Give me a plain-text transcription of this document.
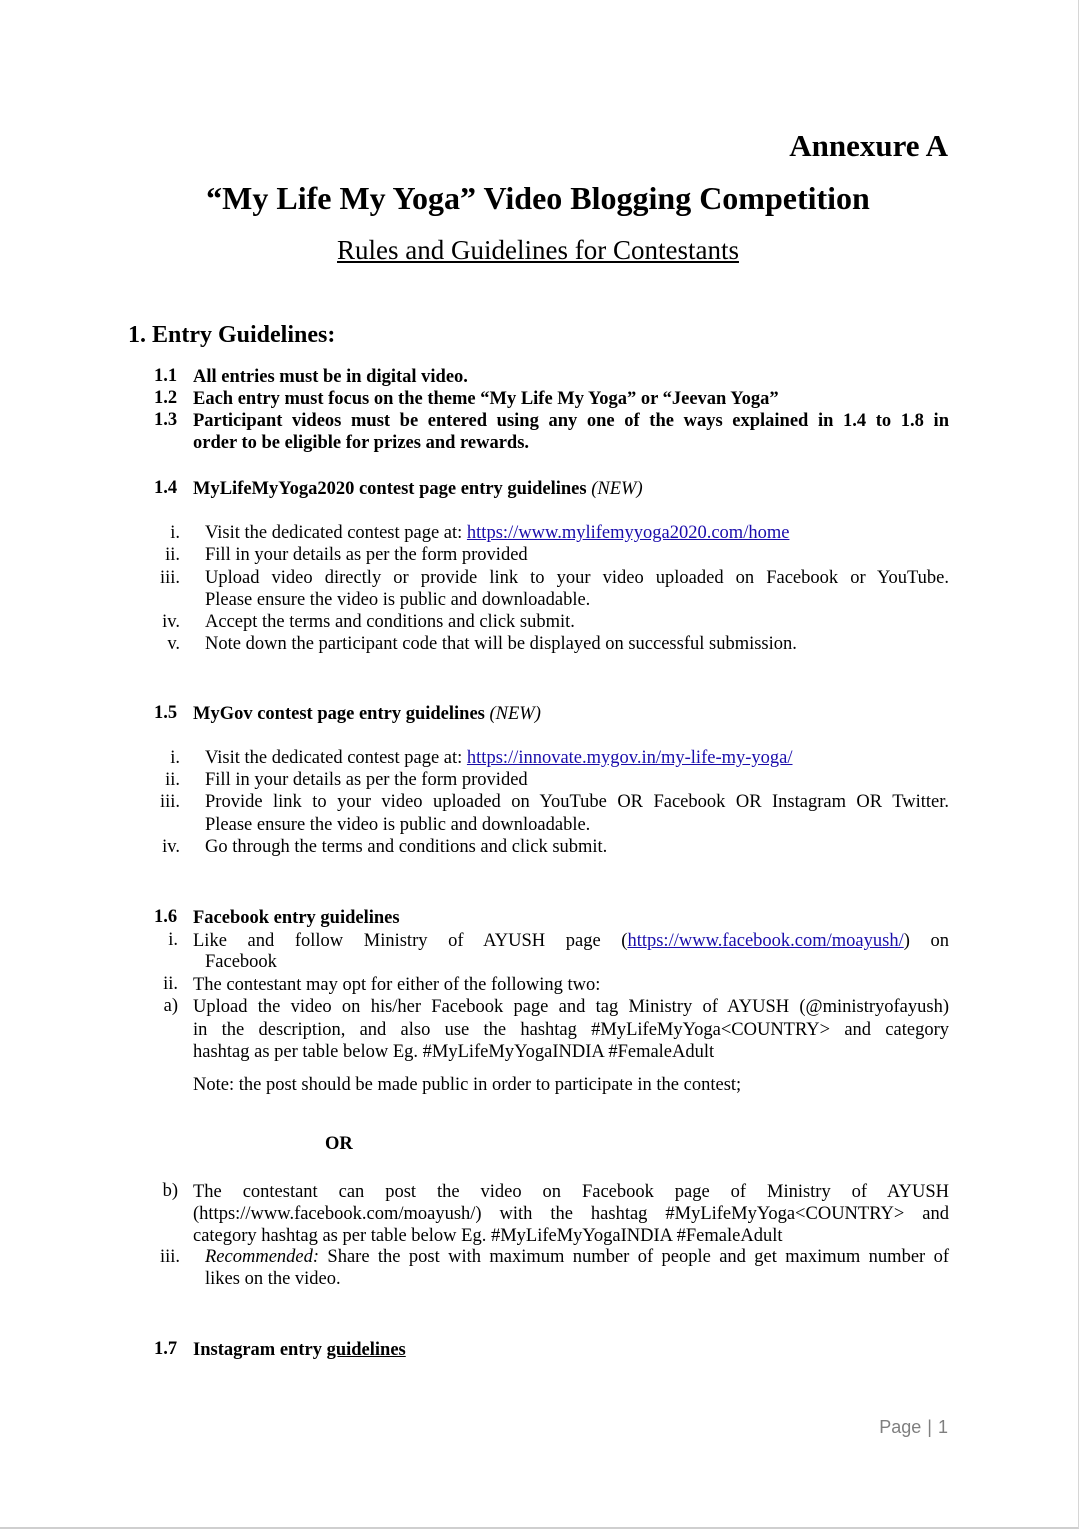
Annexure A
“My Life My Yoga” Video Blogging Competition
Rules and Guidelines for Contestants
1. Entry Guidelines:
1.1 All entries must be in digital video.
1.2 Each entry must focus on the theme “My Life My Yoga” or “Jeevan Yoga”
1.3 Participant videos must be entered using any one of the ways explained in 1.4 to 1.8 in
order to be eligible for prizes and rewards.
1.4 MyLifeMyYoga2020 contest page entry guidelines (NEW)
i. Visit the dedicated contest page at: https://www.mylifemyyoga2020.com/home
ii. Fill in your details as per the form provided
iii. Upload video directly or provide link to your video uploaded on Facebook or YouTube.
Please ensure the video is public and downloadable.
iv. Accept the terms and conditions and click submit.
v. Note down the participant code that will be displayed on successful submission.
1.5 MyGov contest page entry guidelines (NEW)
i. Visit the dedicated contest page at: https://innovate.mygov.in/my-life-my-yoga/
ii. Fill in your details as per the form provided
iii. Provide link to your video uploaded on YouTube OR Facebook OR Instagram OR Twitter.
Please ensure the video is public and downloadable.
iv. Go through the terms and conditions and click submit.
1.6 Facebook entry guidelines
i. Like and follow Ministry of AYUSH page (https://www.facebook.com/moayush/) on
Facebook
ii. The contestant may opt for either of the following two:
a) Upload the video on his/her Facebook page and tag Ministry of AYUSH (@ministryofayush)
in the description, and also use the hashtag #MyLifeMyYoga<COUNTRY> and category
hashtag as per table below Eg. #MyLifeMyYogaINDIA #FemaleAdult
Note: the post should be made public in order to participate in the contest;
OR
b) The contestant can post the video on Facebook page of Ministry of AYUSH
(https://www.facebook.com/moayush/) with the hashtag #MyLifeMyYoga<COUNTRY> and
category hashtag as per table below Eg. #MyLifeMyYogaINDIA #FemaleAdult
iii. Recommended: Share the post with maximum number of people and get maximum number of
likes on the video.
1.7 Instagram entry guidelines
Page | 1
